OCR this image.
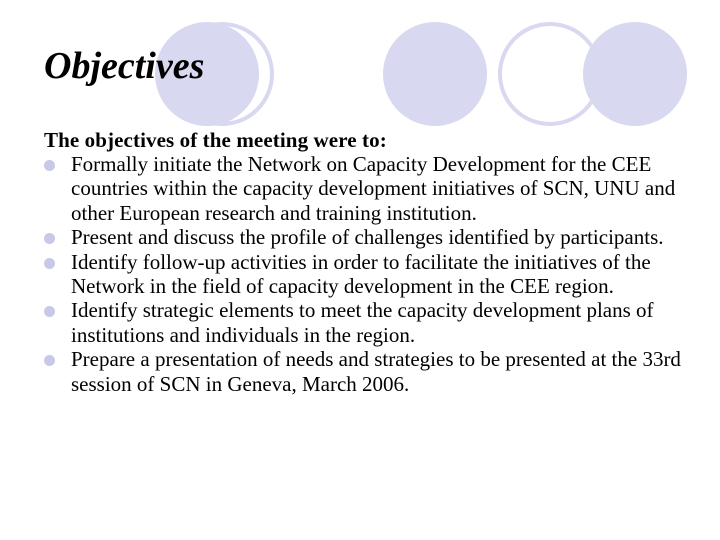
Objectives

The objectives of the meeting were to:

Formally initiate the Network on Capacity Development for the CEE countries within the capacity development initiatives of SCN, UNU and other European research and training institution.
Present and discuss the profile of challenges identified by participants.
Identify follow-up activities in order to facilitate the initiatives of the Network in the field of capacity development in the CEE region.
Identify strategic elements to meet the capacity development plans of institutions and individuals in the region.
Prepare a presentation of needs and strategies to be presented at the 33rd session of SCN in Geneva, March 2006.
